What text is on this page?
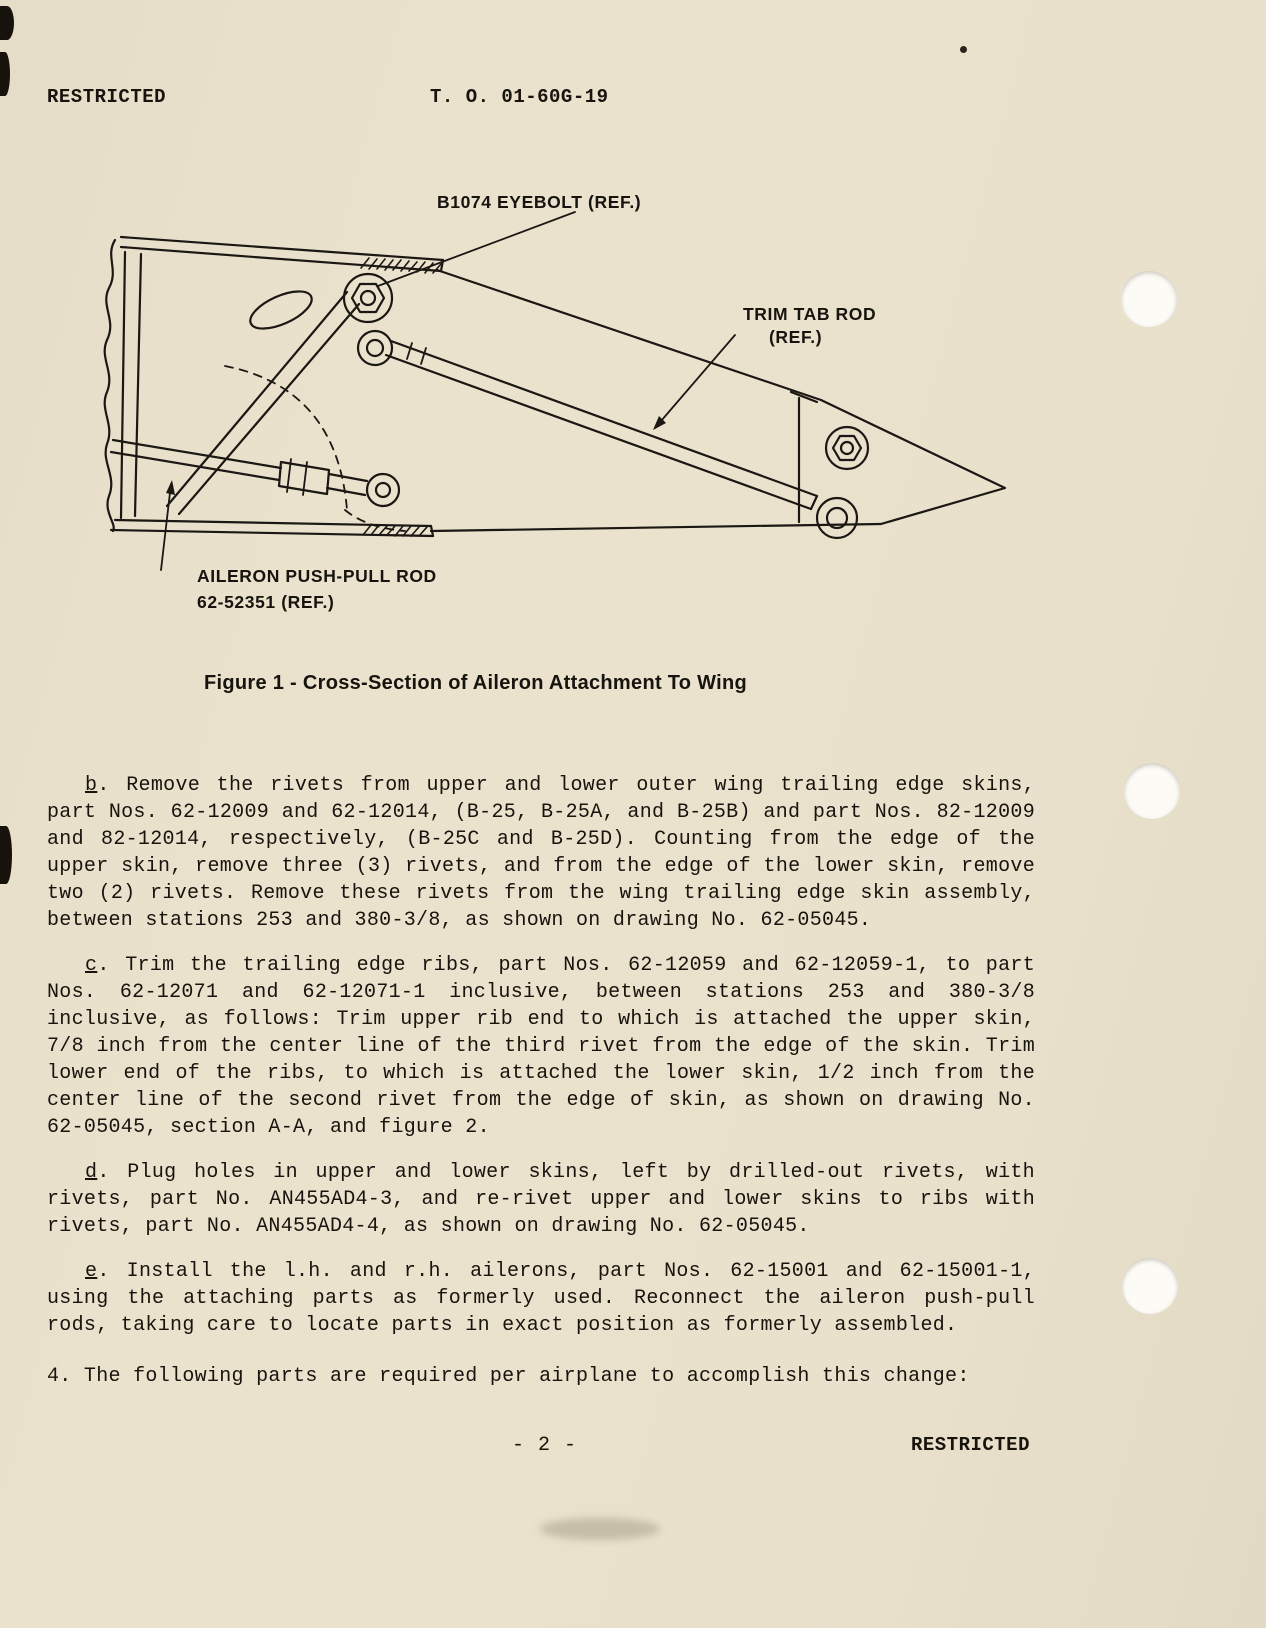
RESTRICTED	T. O. 01-60G-19
B1074 EYEBOLT (REF.)
TRIM TAB ROD
(REF.)
AILERON PUSH-PULL ROD
62-52351 (REF.)
Figure 1 - Cross-Section of Aileron Attachment To Wing

b. Remove the rivets from upper and lower outer wing trailing edge skins, part Nos. 62-12009 and 62-12014, (B-25, B-25A, and B-25B) and part Nos. 82-12009 and 82-12014, respectively, (B-25C and B-25D). Counting from the edge of the upper skin, remove three (3) rivets, and from the edge of the lower skin, remove two (2) rivets. Remove these rivets from the wing trailing edge skin assembly, between stations 253 and 380-3/8, as shown on drawing No. 62-05045.

c. Trim the trailing edge ribs, part Nos. 62-12059 and 62-12059-1, to part Nos. 62-12071 and 62-12071-1 inclusive, between stations 253 and 380-3/8 inclusive, as follows: Trim upper rib end to which is attached the upper skin, 7/8 inch from the center line of the third rivet from the edge of the skin. Trim lower end of the ribs, to which is attached the lower skin, 1/2 inch from the center line of the second rivet from the edge of skin, as shown on drawing No. 62-05045, section A-A, and figure 2.

d. Plug holes in upper and lower skins, left by drilled-out rivets, with rivets, part No. AN455AD4-3, and re-rivet upper and lower skins to ribs with rivets, part No. AN455AD4-4, as shown on drawing No. 62-05045.

e. Install the l.h. and r.h. ailerons, part Nos. 62-15001 and 62-15001-1, using the attaching parts as formerly used. Reconnect the aileron push-pull rods, taking care to locate parts in exact position as formerly assembled.

4. The following parts are required per airplane to accomplish this change:

- 2 -	RESTRICTED
